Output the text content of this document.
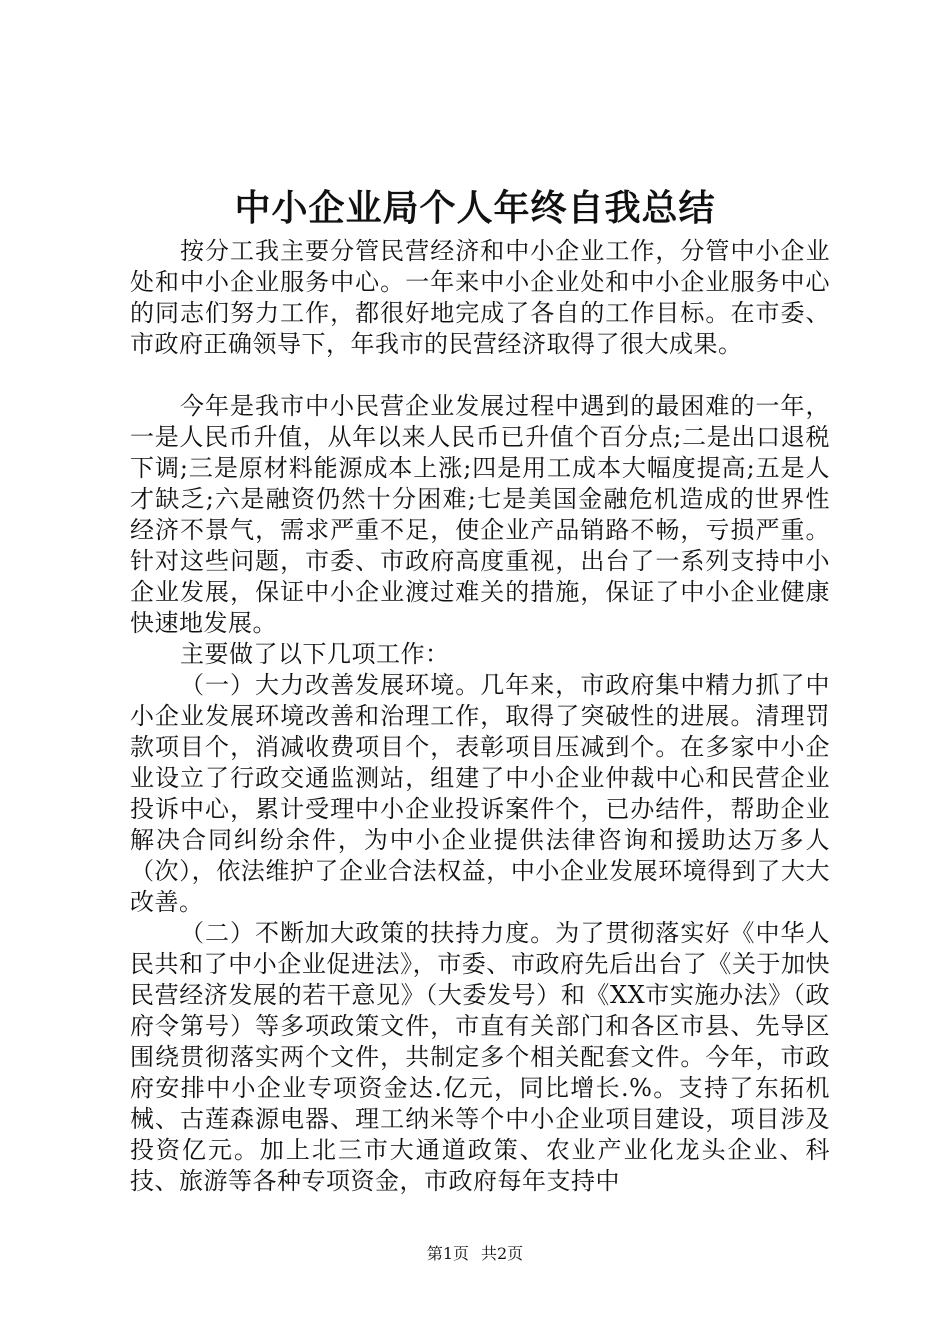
中小企业局个人年终自我总结

按分工我主要分管民营经济和中小企业工作，分管中小企业处和中小企业服务中心。一年来中小企业处和中小企业服务中心的同志们努力工作，都很好地完成了各自的工作目标。在市委、市政府正确领导下，年我市的民营经济取得了很大成果。

今年是我市中小民营企业发展过程中遇到的最困难的一年，一是人民币升值，从年以来人民币已升值个百分点;二是出口退税下调;三是原材料能源成本上涨;四是用工成本大幅度提高;五是人才缺乏;六是融资仍然十分困难;七是美国金融危机造成的世界性经济不景气，需求严重不足，使企业产品销路不畅，亏损严重。针对这些问题，市委、市政府高度重视，出台了一系列支持中小企业发展，保证中小企业渡过难关的措施，保证了中小企业健康快速地发展。

主要做了以下几项工作：

（一）大力改善发展环境。几年来，市政府集中精力抓了中小企业发展环境改善和治理工作，取得了突破性的进展。清理罚款项目个，消减收费项目个，表彰项目压减到个。在多家中小企业设立了行政交通监测站，组建了中小企业仲裁中心和民营企业投诉中心，累计受理中小企业投诉案件个，已办结件，帮助企业解决合同纠纷余件，为中小企业提供法律咨询和援助达万多人（次），依法维护了企业合法权益，中小企业发展环境得到了大大改善。

（二）不断加大政策的扶持力度。为了贯彻落实好《中华人民共和了中小企业促进法》，市委、市政府先后出台了《关于加快民营经济发展的若干意见》（大委发号）和《XX市实施办法》（政府令第号）等多项政策文件，市直有关部门和各区市县、先导区围绕贯彻落实两个文件，共制定多个相关配套文件。今年，市政府安排中小企业专项资金达.亿元，同比增长.%。支持了东拓机械、古莲森源电器、理工纳米等个中小企业项目建设，项目涉及投资亿元。加上北三市大通道政策、农业产业化龙头企业、科技、旅游等各种专项资金，市政府每年支持中

第1页 共2页
